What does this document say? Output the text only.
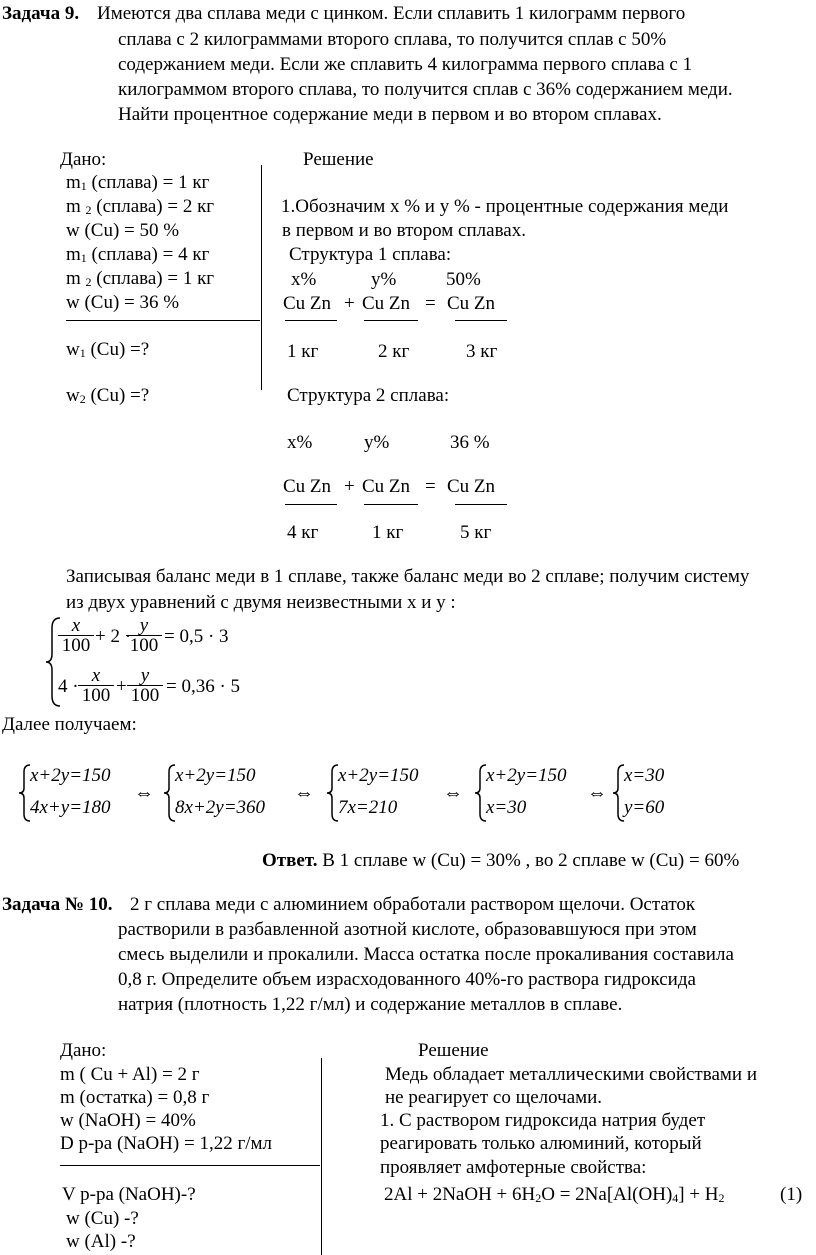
Задача 9. Имеются два сплава меди с цинком. Если сплавить 1 килограмм первого
сплава с 2 килограммами второго сплава, то получится сплав с 50%
содержанием меди. Если же сплавить 4 килограмма первого сплава с 1
килограммом второго сплава, то получится сплав с 36% содержанием меди.
Найти процентное содержание меди в первом и во втором сплавах.
Дано:	Решение
m1 (сплава) = 1 кг
m 2 (сплава) = 2 кг
w (Cu) = 50 %
m1 (сплава) = 4 кг
m 2 (сплава) = 1 кг
w (Cu) = 36 %
w1 (Cu) =?
w2 (Cu) =?
1.Обозначим x % и y % - процентные содержания меди
в первом и во втором сплавах.
Структура 1 сплава:
x%	y%	50%
Cu Zn + Cu Zn = Cu Zn
1 кг	2 кг	3 кг
Структура 2 сплава:
x%	y%	36 %
Cu Zn + Cu Zn = Cu Zn
4 кг	1 кг	5 кг
Записывая баланс меди в 1 сплаве, также баланс меди во 2 сплаве; получим систему
из двух уравнений с двумя неизвестными x и y :
$\frac{x}{100} + 2$ ·
$\frac{y}{100} = 0,5 \cdot 3$
$4 \cdot \frac{x}{100} + \frac{y}{100} = 0,36 \cdot 5$
Далее получаем:
x+2y=150
4x+y=180
⇔
x+2y=150
8x+2y=360
⇔
x+2y=150
7x=210
⇔
x+2y=150
x=30
⇔
x=30
y=60
Ответ. В 1 сплаве w (Cu) = 30% , во 2 сплаве w (Cu) = 60%
Задача № 10. 2 г сплава меди с алюминием обработали раствором щелочи. Остаток
растворили в разбавленной азотной кислоте, образовавшуюся при этом
смесь выделили и прокалили. Масса остатка после прокаливания составила
0,8 г. Определите объем израсходованного 40%-го раствора гидроксида
натрия (плотность 1,22 г/мл) и содержание металлов в сплаве.
Дано:	Решение
m ( Cu + Al) = 2 г
m (остатка) = 0,8 г
w (NaOH) = 40%
D р-ра (NaOH) = 1,22 г/мл
V р-ра (NaOH)-?
w (Cu) -?
w (Al) -?
Медь обладает металлическими свойствами и
не реагирует со щелочами.
1. С раствором гидроксида натрия будет
реагировать только алюминий, который
проявляет амфотерные свойства:
2Al + 2NaOH + 6H2O = 2Na[Al(OH)4] + H2	(1)
